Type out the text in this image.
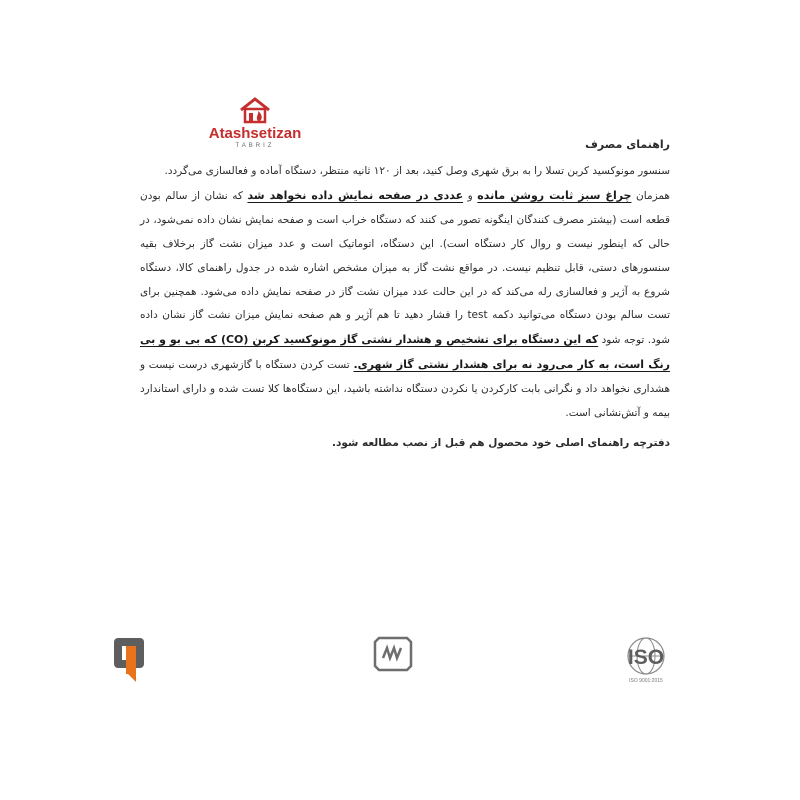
Atashsetizan
TABRIZ	راهنمای مصرف

سنسور مونوکسید کربن تسلا را به برق شهری وصل کنید، بعد از ۱۲۰ ثانیه منتظر، دستگاه آماده و فعالسازی می‌گردد.

همزمان چراغ سبز ثابت روشن مانده و عددی در صفحه نمایش داده نخواهد شد که نشان از سالم بودن قطعه است (بیشتر مصرف کنندگان اینگونه تصور می کنند که دستگاه خراب است و صفحه نمایش نشان داده نمی‌شود، در حالی که اینطور نیست و روال کار دستگاه است). این دستگاه، اتوماتیک است و عدد میزان نشت گاز برخلاف بقیه سنسورهای دستی، قابل تنظیم نیست. در مواقع نشت گاز به میزان مشخص اشاره شده در جدول راهنمای کالا، دستگاه شروع به آژیر و فعالسازی رله می‌کند که در این حالت عدد میزان نشت گاز در صفحه نمایش داده می‌شود. همچنین برای تست سالم بودن دستگاه می‌توانید دکمه test را فشار دهید تا هم آژیر و هم صفحه نمایش میزان نشت گاز نشان داده شود. توجه شود که این دستگاه برای تشخیص و هشدار نشتی گاز مونوکسید کربن (CO) که بی بو و بی رنگ است، به کار می‌رود نه برای هشدار نشتی گاز شهری. تست کردن دستگاه با گازشهری درست نیست و هشداری نخواهد داد و نگرانی بابت کارکردن یا نکردن دستگاه نداشته باشید، این دستگاه‌ها کلا تست شده و دارای استاندارد بیمه و آتش‌نشانی است.

دفترچه راهنمای اصلی خود محصول هم قبل از نصب مطالعه شود.

ISO
ISO 9001:2015
